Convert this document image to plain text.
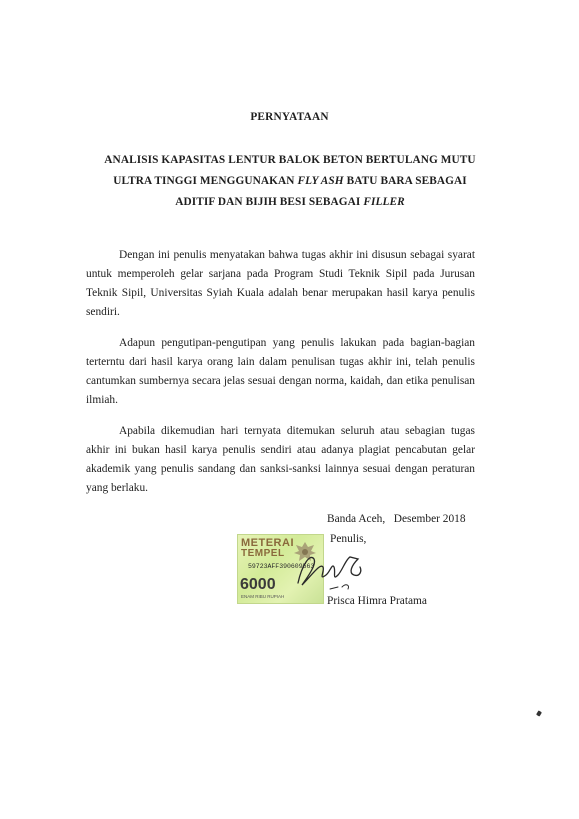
PERNYATAAN
ANALISIS KAPASITAS LENTUR BALOK BETON BERTULANG MUTU
ULTRA TINGGI MENGGUNAKAN FLY ASH BATU BARA SEBAGAI
ADITIF DAN BIJIH BESI SEBAGAI FILLER

Dengan ini penulis menyatakan bahwa tugas akhir ini disusun sebagai syarat untuk memperoleh gelar sarjana pada Program Studi Teknik Sipil pada Jurusan Teknik Sipil, Universitas Syiah Kuala adalah benar merupakan hasil karya penulis sendiri.

Adapun pengutipan-pengutipan yang penulis lakukan pada bagian-bagian terterntu dari hasil karya orang lain dalam penulisan tugas akhir ini, telah penulis cantumkan sumbernya secara jelas sesuai dengan norma, kaidah, dan etika penulisan ilmiah.

Apabila dikemudian hari ternyata ditemukan seluruh atau sebagian tugas akhir ini bukan hasil karya penulis sendiri atau adanya plagiat pencabutan gelar akademik yang penulis sandang dan sanksi-sanksi lainnya sesuai dengan peraturan yang berlaku.

Banda Aceh,   Desember 2018
Penulis,
METERAI
TEMPEL
59723AFF390609563
6000
ENAM RIBU RUPIAH	Prisca Himra Pratama
